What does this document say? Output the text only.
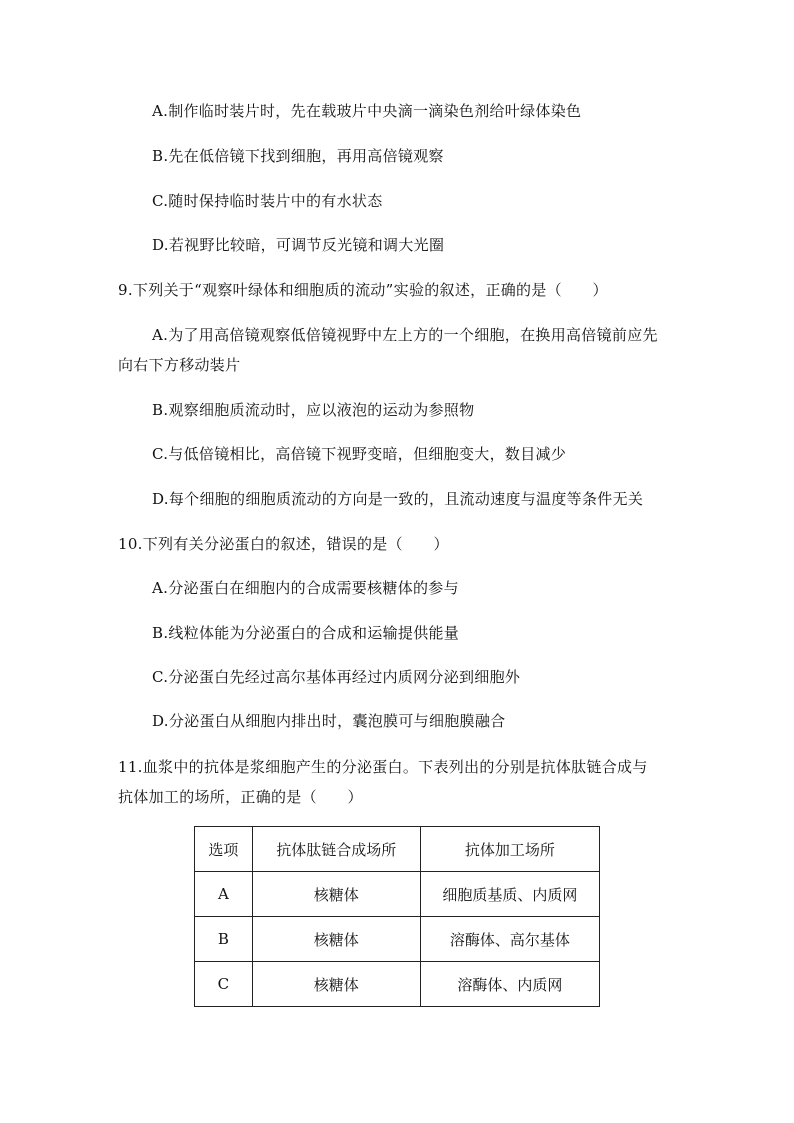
A.制作临时装片时，先在载玻片中央滴一滴染色剂给叶绿体染色
B.先在低倍镜下找到细胞，再用高倍镜观察
C.随时保持临时装片中的有水状态
D.若视野比较暗，可调节反光镜和调大光圈
9.下列关于“观察叶绿体和细胞质的流动”实验的叙述，正确的是（　　）
A.为了用高倍镜观察低倍镜视野中左上方的一个细胞，在换用高倍镜前应先
向右下方移动装片
B.观察细胞质流动时，应以液泡的运动为参照物
C.与低倍镜相比，高倍镜下视野变暗，但细胞变大，数目减少
D.每个细胞的细胞质流动的方向是一致的，且流动速度与温度等条件无关
10.下列有关分泌蛋白的叙述，错误的是（　　）
A.分泌蛋白在细胞内的合成需要核糖体的参与
B.线粒体能为分泌蛋白的合成和运输提供能量
C.分泌蛋白先经过高尔基体再经过内质网分泌到细胞外
D.分泌蛋白从细胞内排出时，囊泡膜可与细胞膜融合
11.血浆中的抗体是浆细胞产生的分泌蛋白。下表列出的分别是抗体肽链合成与
抗体加工的场所，正确的是（　　）
选项	抗体肽链合成场所	抗体加工场所
A	核糖体	细胞质基质、内质网
B	核糖体	溶酶体、高尔基体
C	核糖体	溶酶体、内质网
